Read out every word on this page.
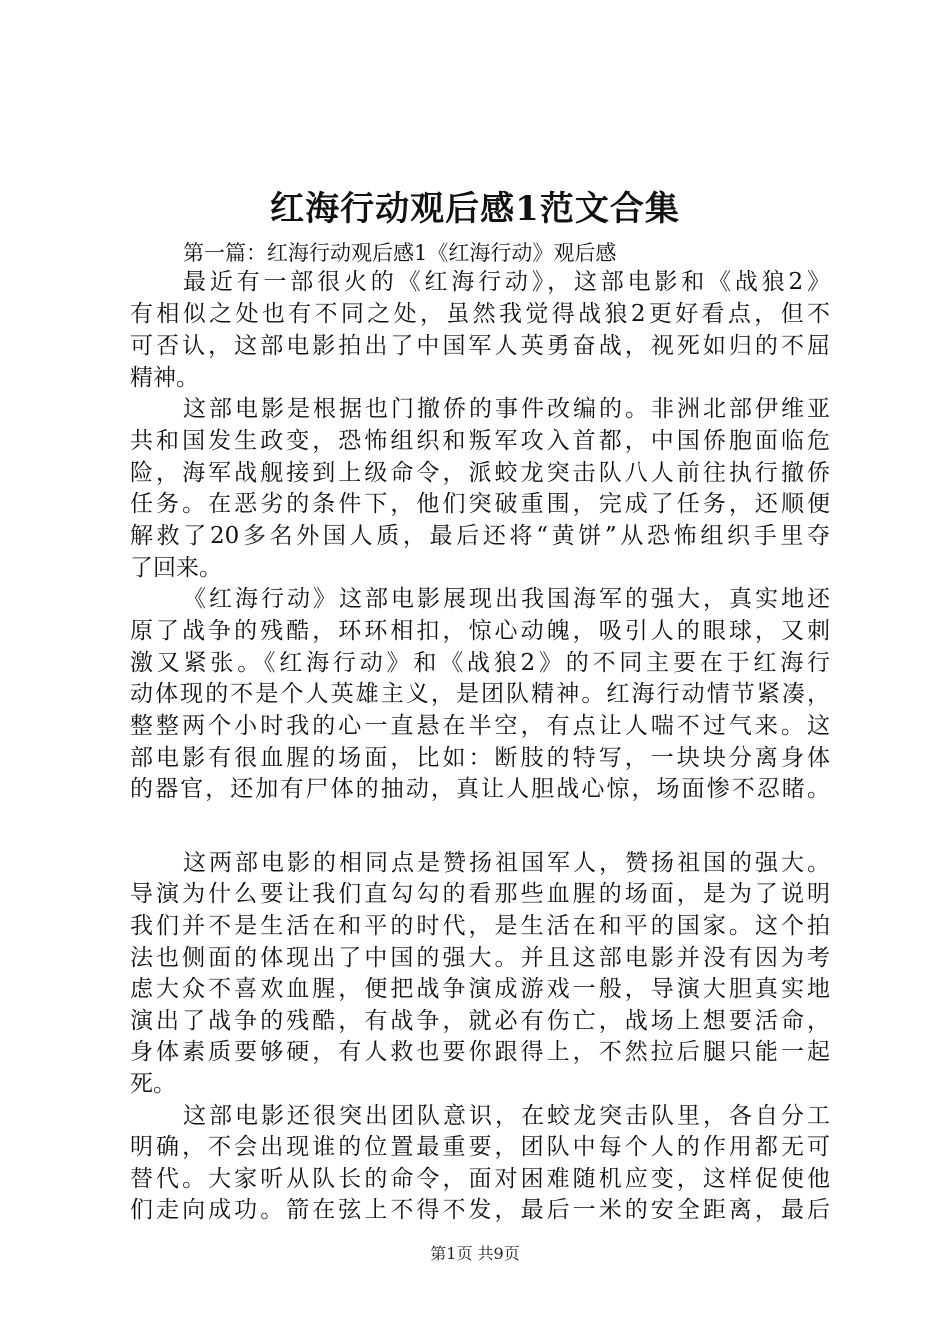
红海行动观后感1范文合集
第一篇：红海行动观后感1《红海行动》观后感
最近有一部很火的《红海行动》，这部电影和《战狼2》
有相似之处也有不同之处，虽然我觉得战狼2更好看点，但不
可否认，这部电影拍出了中国军人英勇奋战，视死如归的不屈
精神。
这部电影是根据也门撤侨的事件改编的。非洲北部伊维亚
共和国发生政变，恐怖组织和叛军攻入首都，中国侨胞面临危
险，海军战舰接到上级命令，派蛟龙突击队八人前往执行撤侨
任务。在恶劣的条件下，他们突破重围，完成了任务，还顺便
解救了20多名外国人质，最后还将“黄饼”从恐怖组织手里夺
了回来。
《红海行动》这部电影展现出我国海军的强大，真实地还
原了战争的残酷，环环相扣，惊心动魄，吸引人的眼球，又刺
激又紧张。《红海行动》和《战狼2》的不同主要在于红海行
动体现的不是个人英雄主义，是团队精神。红海行动情节紧凑，
整整两个小时我的心一直悬在半空，有点让人喘不过气来。这
部电影有很血腥的场面，比如：断肢的特写，一块块分离身体
的器官，还加有尸体的抽动，真让人胆战心惊，场面惨不忍睹。
这两部电影的相同点是赞扬祖国军人，赞扬祖国的强大。
导演为什么要让我们直勾勾的看那些血腥的场面，是为了说明
我们并不是生活在和平的时代，是生活在和平的国家。这个拍
法也侧面的体现出了中国的强大。并且这部电影并没有因为考
虑大众不喜欢血腥，便把战争演成游戏一般，导演大胆真实地
演出了战争的残酷，有战争，就必有伤亡，战场上想要活命，
身体素质要够硬，有人救也要你跟得上，不然拉后腿只能一起
死。
这部电影还很突出团队意识，在蛟龙突击队里，各自分工
明确，不会出现谁的位置最重要，团队中每个人的作用都无可
替代。大家听从队长的命令，面对困难随机应变，这样促使他
们走向成功。箭在弦上不得不发，最后一米的安全距离，最后
第1页 共9页
